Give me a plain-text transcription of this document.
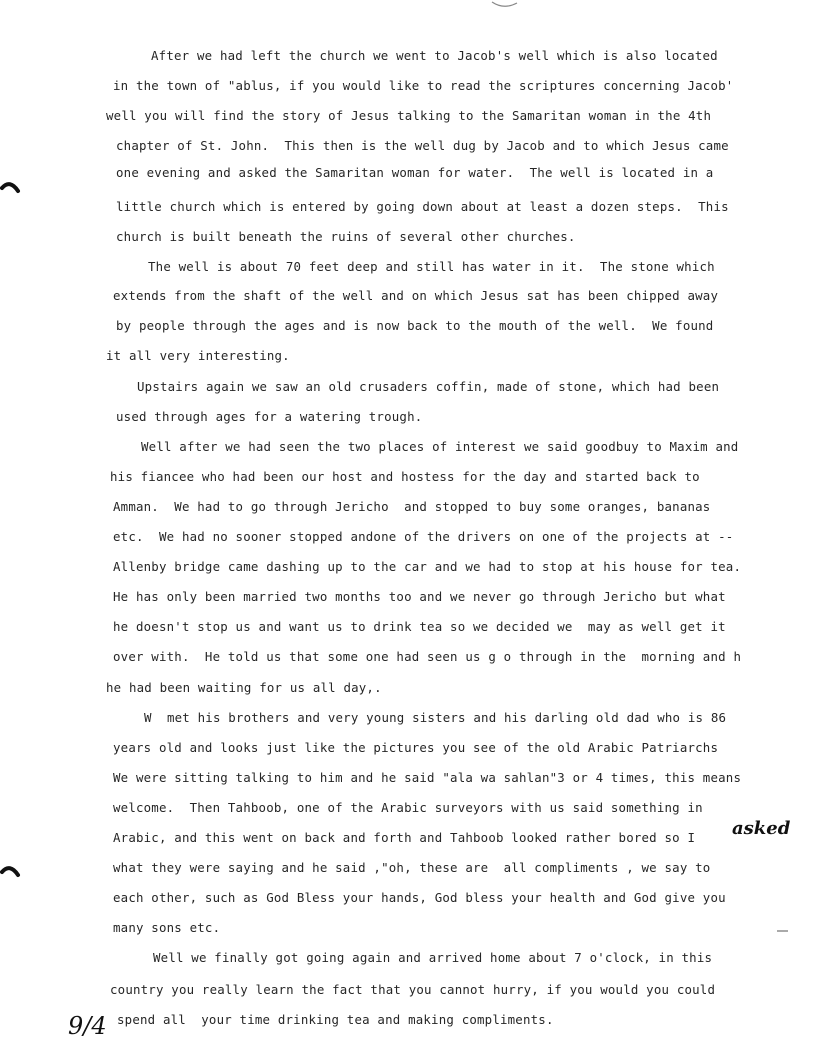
After we had left the church we went to Jacob's well which is also located
in the town of "ablus, if you would like to read the scriptures concerning Jacob'
well you will find the story of Jesus talking to the Samaritan woman in the 4th
chapter of St. John.  This then is the well dug by Jacob and to which Jesus came
one evening and asked the Samaritan woman for water.  The well is located in a
little church which is entered by going down about at least a dozen steps.  This
church is built beneath the ruins of several other churches.
The well is about 70 feet deep and still has water in it.  The stone which
extends from the shaft of the well and on which Jesus sat has been chipped away
by people through the ages and is now back to the mouth of the well.  We found
it all very interesting.
Upstairs again we saw an old crusaders coffin, made of stone, which had been
used through ages for a watering trough.
Well after we had seen the two places of interest we said goodbuy to Maxim and
his fiancee who had been our host and hostess for the day and started back to
Amman.  We had to go through Jericho  and stopped to buy some oranges, bananas
etc.  We had no sooner stopped andone of the drivers on one of the projects at --
Allenby bridge came dashing up to the car and we had to stop at his house for tea.
He has only been married two months too and we never go through Jericho but what
he doesn't stop us and want us to drink tea so we decided we  may as well get it
over with.  He told us that some one had seen us g o through in the  morning and h
he had been waiting for us all day,.
W  met his brothers and very young sisters and his darling old dad who is 86
years old and looks just like the pictures you see of the old Arabic Patriarchs
We were sitting talking to him and he said "ala wa sahlan"3 or 4 times, this means
welcome.  Then Tahboob, one of the Arabic surveyors with us said something in
Arabic, and this went on back and forth and Tahboob looked rather bored so I asked
what they were saying and he said ,"oh, these are  all compliments , we say to
each other, such as God Bless your hands, God bless your health and God give you
many sons etc.
Well we finally got going again and arrived home about 7 o'clock, in this
country you really learn the fact that you cannot hurry, if you would you could
spend all  your time drinking tea and making compliments.
9/4
